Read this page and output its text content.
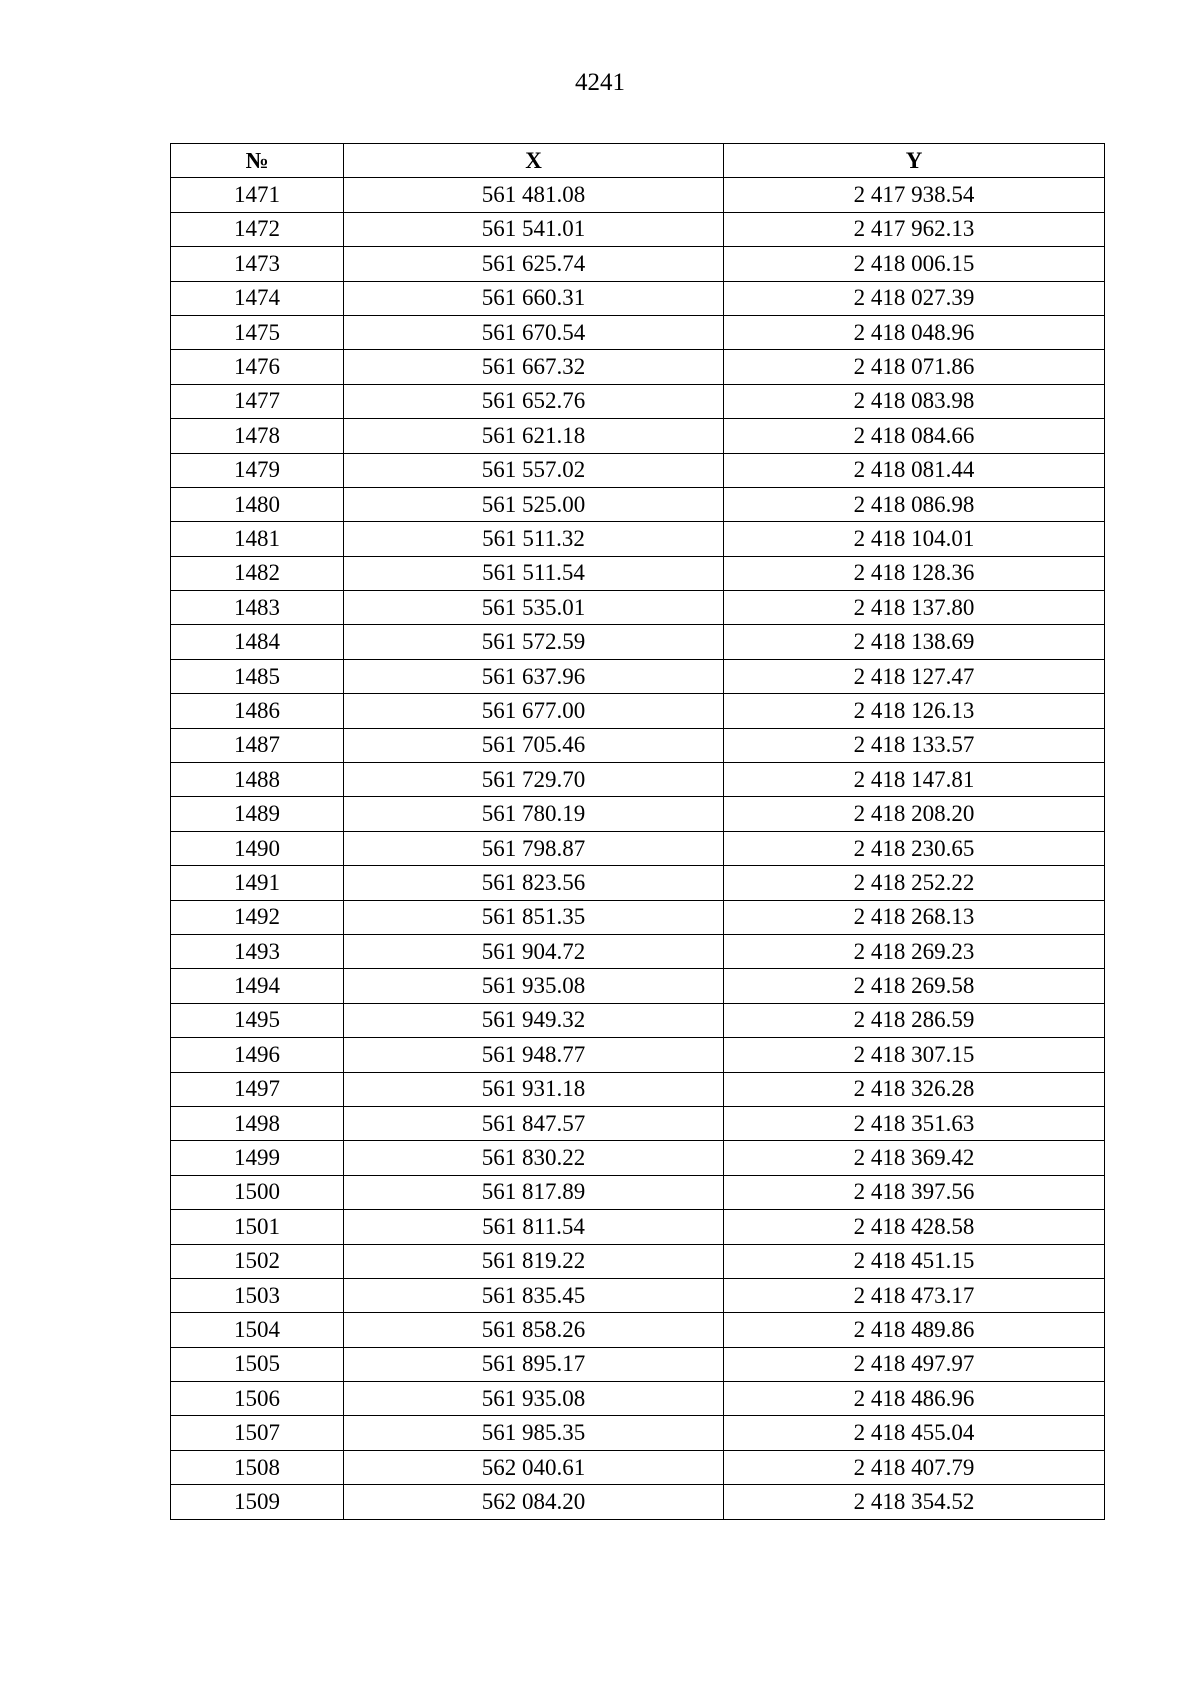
4241
№	X	Y
1471	561 481.08	2 417 938.54
1472	561 541.01	2 417 962.13
1473	561 625.74	2 418 006.15
1474	561 660.31	2 418 027.39
1475	561 670.54	2 418 048.96
1476	561 667.32	2 418 071.86
1477	561 652.76	2 418 083.98
1478	561 621.18	2 418 084.66
1479	561 557.02	2 418 081.44
1480	561 525.00	2 418 086.98
1481	561 511.32	2 418 104.01
1482	561 511.54	2 418 128.36
1483	561 535.01	2 418 137.80
1484	561 572.59	2 418 138.69
1485	561 637.96	2 418 127.47
1486	561 677.00	2 418 126.13
1487	561 705.46	2 418 133.57
1488	561 729.70	2 418 147.81
1489	561 780.19	2 418 208.20
1490	561 798.87	2 418 230.65
1491	561 823.56	2 418 252.22
1492	561 851.35	2 418 268.13
1493	561 904.72	2 418 269.23
1494	561 935.08	2 418 269.58
1495	561 949.32	2 418 286.59
1496	561 948.77	2 418 307.15
1497	561 931.18	2 418 326.28
1498	561 847.57	2 418 351.63
1499	561 830.22	2 418 369.42
1500	561 817.89	2 418 397.56
1501	561 811.54	2 418 428.58
1502	561 819.22	2 418 451.15
1503	561 835.45	2 418 473.17
1504	561 858.26	2 418 489.86
1505	561 895.17	2 418 497.97
1506	561 935.08	2 418 486.96
1507	561 985.35	2 418 455.04
1508	562 040.61	2 418 407.79
1509	562 084.20	2 418 354.52
